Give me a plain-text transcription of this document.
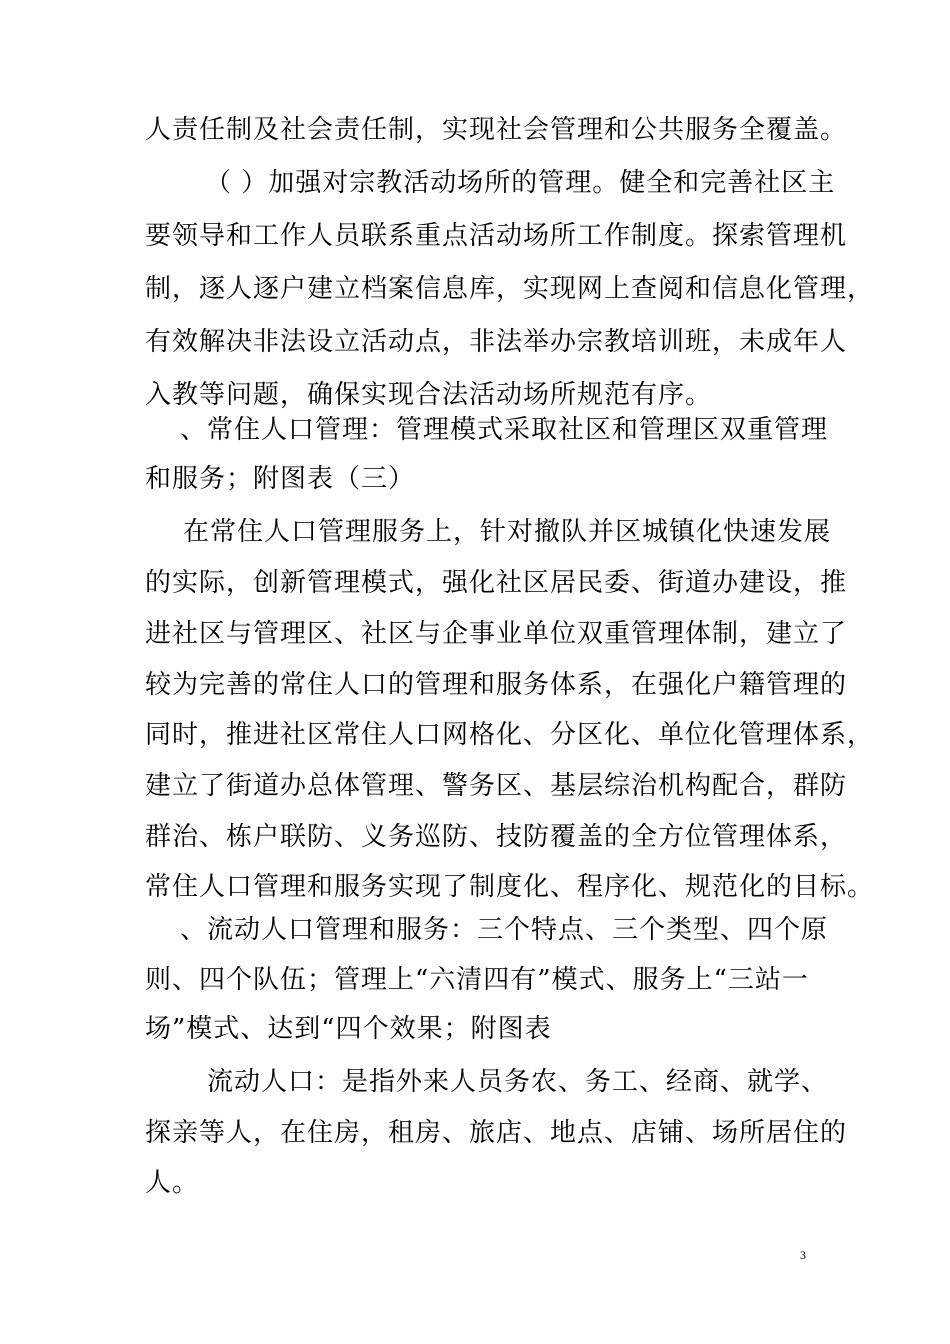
人责任制及社会责任制，实现社会管理和公共服务全覆盖。
（ ）加强对宗教活动场所的管理。健全和完善社区主
要领导和工作人员联系重点活动场所工作制度。探索管理机
制，逐人逐户建立档案信息库，实现网上查阅和信息化管理，
有效解决非法设立活动点，非法举办宗教培训班，未成年人
入教等问题，确保实现合法活动场所规范有序。
、常住人口管理：管理模式采取社区和管理区双重管理
和服务；附图表（三）
在常住人口管理服务上，针对撤队并区城镇化快速发展
的实际，创新管理模式，强化社区居民委、街道办建设，推
进社区与管理区、社区与企事业单位双重管理体制，建立了
较为完善的常住人口的管理和服务体系，在强化户籍管理的
同时，推进社区常住人口网格化、分区化、单位化管理体系，
建立了街道办总体管理、警务区、基层综治机构配合，群防
群治、栋户联防、义务巡防、技防覆盖的全方位管理体系，
常住人口管理和服务实现了制度化、程序化、规范化的目标。
、流动人口管理和服务：三个特点、三个类型、四个原
则、四个队伍；管理上“六清四有”模式、服务上“三站一
场”模式、达到“四个效果；附图表
流动人口：是指外来人员务农、务工、经商、就学、
探亲等人，在住房，租房、旅店、地点、店铺、场所居住的
人。
3
